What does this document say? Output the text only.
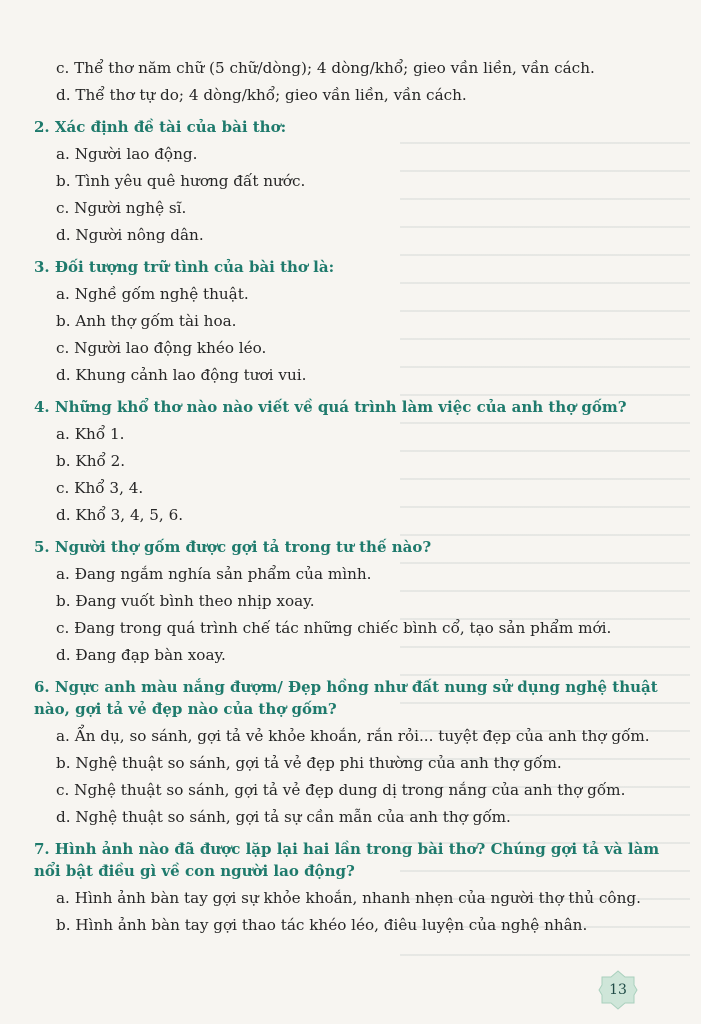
c. Thể thơ năm chữ (5 chữ/dòng); 4 dòng/khổ; gieo vần liền, vần cách.
d. Thể thơ tự do; 4 dòng/khổ; gieo vần liền, vần cách.
2. Xác định đề tài của bài thơ:
a. Người lao động.
b. Tình yêu quê hương đất nước.
c. Người nghệ sĩ.
d. Người nông dân.
3. Đối tượng trữ tình của bài thơ là:
a. Nghề gốm nghệ thuật.
b. Anh thợ gốm tài hoa.
c. Người lao động khéo léo.
d. Khung cảnh lao động tươi vui.
4. Những khổ thơ nào nào viết về quá trình làm việc của anh thợ gốm?
a. Khổ 1.
b. Khổ 2.
c. Khổ 3, 4.
d. Khổ 3, 4, 5, 6.
5. Người thợ gốm được gợi tả trong tư thế nào?
a. Đang ngắm nghía sản phẩm của mình.
b. Đang vuốt bình theo nhịp xoay.
c. Đang trong quá trình chế tác những chiếc bình cổ, tạo sản phẩm mới.
d. Đang đạp bàn xoay.
6. Ngực anh màu nắng đượm/ Đẹp hồng như đất nung sử dụng nghệ thuật
nào, gợi tả vẻ đẹp nào của thợ gốm?
a. Ẩn dụ, so sánh, gợi tả vẻ khỏe khoắn, rắn rỏi... tuyệt đẹp của anh thợ gốm.
b. Nghệ thuật so sánh, gợi tả vẻ đẹp phi thường của anh thợ gốm.
c. Nghệ thuật so sánh, gợi tả vẻ đẹp dung dị trong nắng của anh thợ gốm.
d. Nghệ thuật so sánh, gợi tả sự cần mẫn của anh thợ gốm.
7. Hình ảnh nào đã được lặp lại hai lần trong bài thơ? Chúng gợi tả và làm
nổi bật điều gì về con người lao động?
a. Hình ảnh bàn tay gợi sự khỏe khoắn, nhanh nhẹn của người thợ thủ công.
b. Hình ảnh bàn tay gợi thao tác khéo léo, điêu luyện của nghệ nhân.
13
